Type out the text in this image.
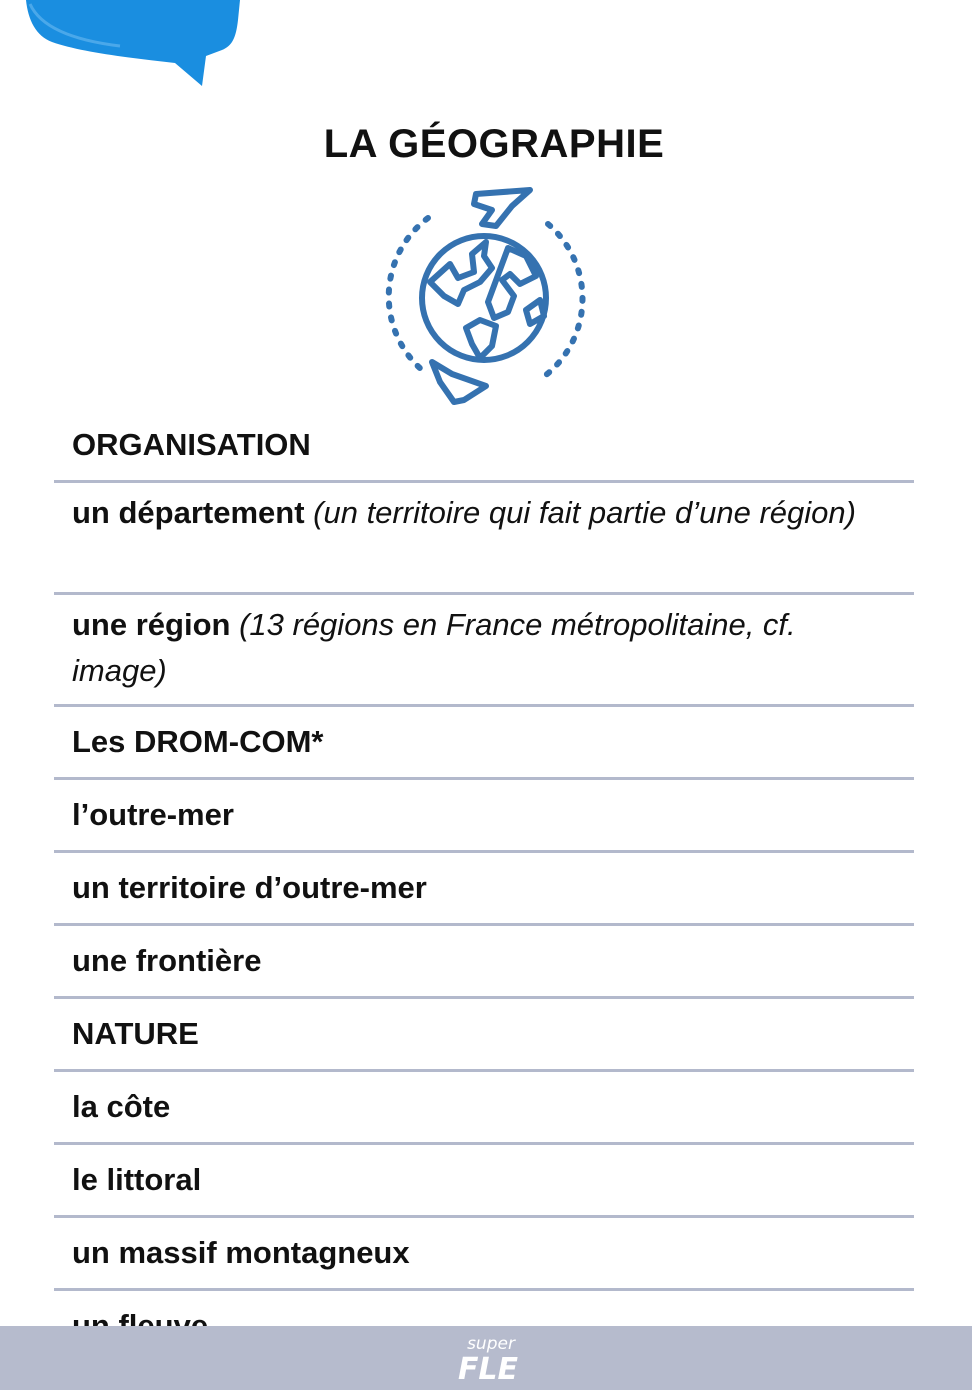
LA GÉOGRAPHIE
ORGANISATION
un département (un territoire qui fait partie d’une région)
une région (13 régions en France métropolitaine, cf. image)
Les DROM-COM*
l’outre-mer
un territoire d’outre-mer
une frontière
NATURE
la côte
le littoral
un massif montagneux
super
FLE
